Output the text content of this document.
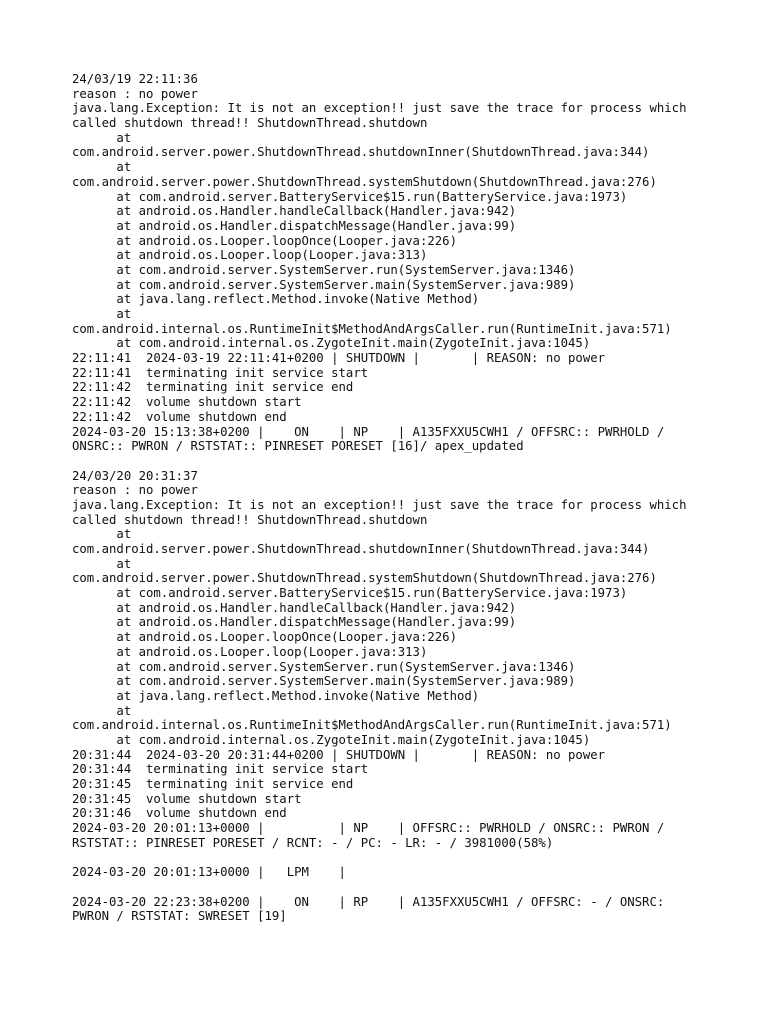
24/03/19 22:11:36
reason : no power
java.lang.Exception: It is not an exception!! just save the trace for process which
called shutdown thread!! ShutdownThread.shutdown
at
com.android.server.power.ShutdownThread.shutdownInner(ShutdownThread.java:344)
at
com.android.server.power.ShutdownThread.systemShutdown(ShutdownThread.java:276)
at com.android.server.BatteryService$15.run(BatteryService.java:1973)
at android.os.Handler.handleCallback(Handler.java:942)
at android.os.Handler.dispatchMessage(Handler.java:99)
at android.os.Looper.loopOnce(Looper.java:226)
at android.os.Looper.loop(Looper.java:313)
at com.android.server.SystemServer.run(SystemServer.java:1346)
at com.android.server.SystemServer.main(SystemServer.java:989)
at java.lang.reflect.Method.invoke(Native Method)
at
com.android.internal.os.RuntimeInit$MethodAndArgsCaller.run(RuntimeInit.java:571)
at com.android.internal.os.ZygoteInit.main(ZygoteInit.java:1045)
22:11:41  2024-03-19 22:11:41+0200 | SHUTDOWN |       | REASON: no power
22:11:41  terminating init service start
22:11:42  terminating init service end
22:11:42  volume shutdown start
22:11:42  volume shutdown end
2024-03-20 15:13:38+0200 |    ON    | NP    | A135FXXU5CWH1 / OFFSRC:: PWRHOLD /
ONSRC:: PWRON / RSTSTAT:: PINRESET PORESET [16]/ apex_updated
24/03/20 20:31:37
reason : no power
java.lang.Exception: It is not an exception!! just save the trace for process which
called shutdown thread!! ShutdownThread.shutdown
at
com.android.server.power.ShutdownThread.shutdownInner(ShutdownThread.java:344)
at
com.android.server.power.ShutdownThread.systemShutdown(ShutdownThread.java:276)
at com.android.server.BatteryService$15.run(BatteryService.java:1973)
at android.os.Handler.handleCallback(Handler.java:942)
at android.os.Handler.dispatchMessage(Handler.java:99)
at android.os.Looper.loopOnce(Looper.java:226)
at android.os.Looper.loop(Looper.java:313)
at com.android.server.SystemServer.run(SystemServer.java:1346)
at com.android.server.SystemServer.main(SystemServer.java:989)
at java.lang.reflect.Method.invoke(Native Method)
at
com.android.internal.os.RuntimeInit$MethodAndArgsCaller.run(RuntimeInit.java:571)
at com.android.internal.os.ZygoteInit.main(ZygoteInit.java:1045)
20:31:44  2024-03-20 20:31:44+0200 | SHUTDOWN |       | REASON: no power
20:31:44  terminating init service start
20:31:45  terminating init service end
20:31:45  volume shutdown start
20:31:46  volume shutdown end
2024-03-20 20:01:13+0000 |          | NP    | OFFSRC:: PWRHOLD / ONSRC:: PWRON /
RSTSTAT:: PINRESET PORESET / RCNT: - / PC: - LR: - / 3981000(58%)
2024-03-20 20:01:13+0000 |   LPM    |
2024-03-20 22:23:38+0200 |    ON    | RP    | A135FXXU5CWH1 / OFFSRC: - / ONSRC:
PWRON / RSTSTAT: SWRESET [19]
